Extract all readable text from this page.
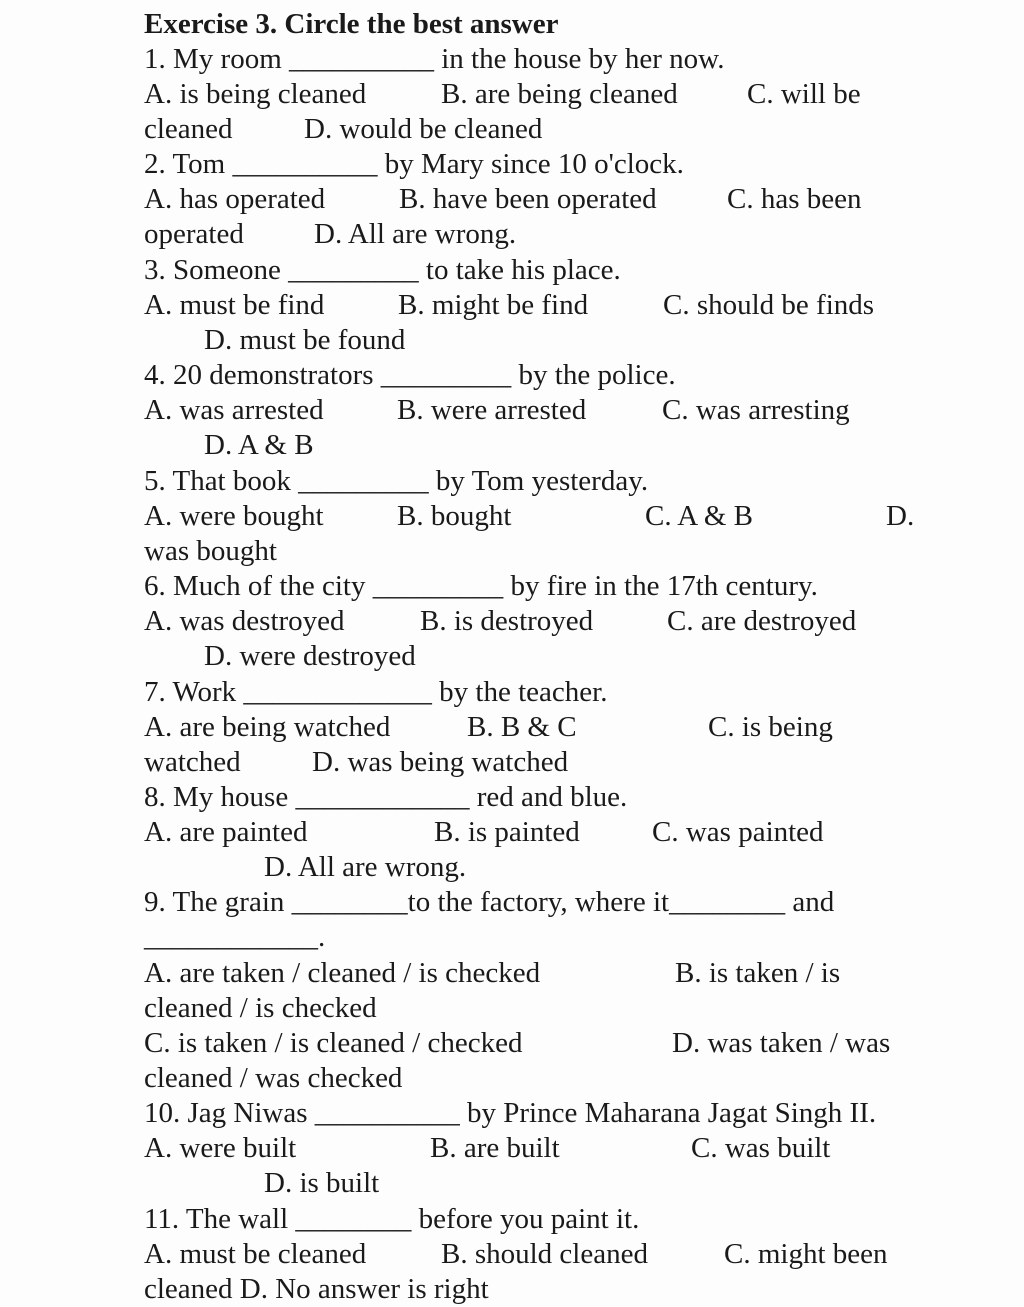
Exercise 3. Circle the best answer
1. My room __________ in the house by her now.
A. is being cleaned	B. are being cleaned C. will be
cleaned D. would be cleaned
2. Tom __________ by Mary since 10 o'clock.
A. has operated	B. have been operated C. has been
operated D. All are wrong.
3. Someone _________ to take his place.
A. must be find	B. might be find	C. should be finds
D. must be found
4. 20 demonstrators _________ by the police.
A. was arrested	B. were arrested	C. was arresting
D. A & B
5. That book _________ by Tom yesterday.
A. were bought	B. bought	C. A & B	D.
was bought
6. Much of the city _________ by fire in the 17th century.
A. was destroyed	B. is destroyed	C. are destroyed
D. were destroyed
7. Work _____________ by the teacher.
A. are being watched	B. B & C	C. is being
watched D. was being watched
8. My house ____________ red and blue.
A. are painted	B. is painted C. was painted
D. All are wrong.
9. The grain ________to the factory, where it________ and
____________.
A. are taken / cleaned / is checked	B. is taken / is
cleaned / is checked
C. is taken / is cleaned / checked	D. was taken / was
cleaned / was checked
10. Jag Niwas __________ by Prince Maharana Jagat Singh II.
A. were built	B. are built	C. was built
D. is built
11. The wall ________ before you paint it.
A. must be cleaned	B. should cleaned	C. might been
cleaned D. No answer is right
